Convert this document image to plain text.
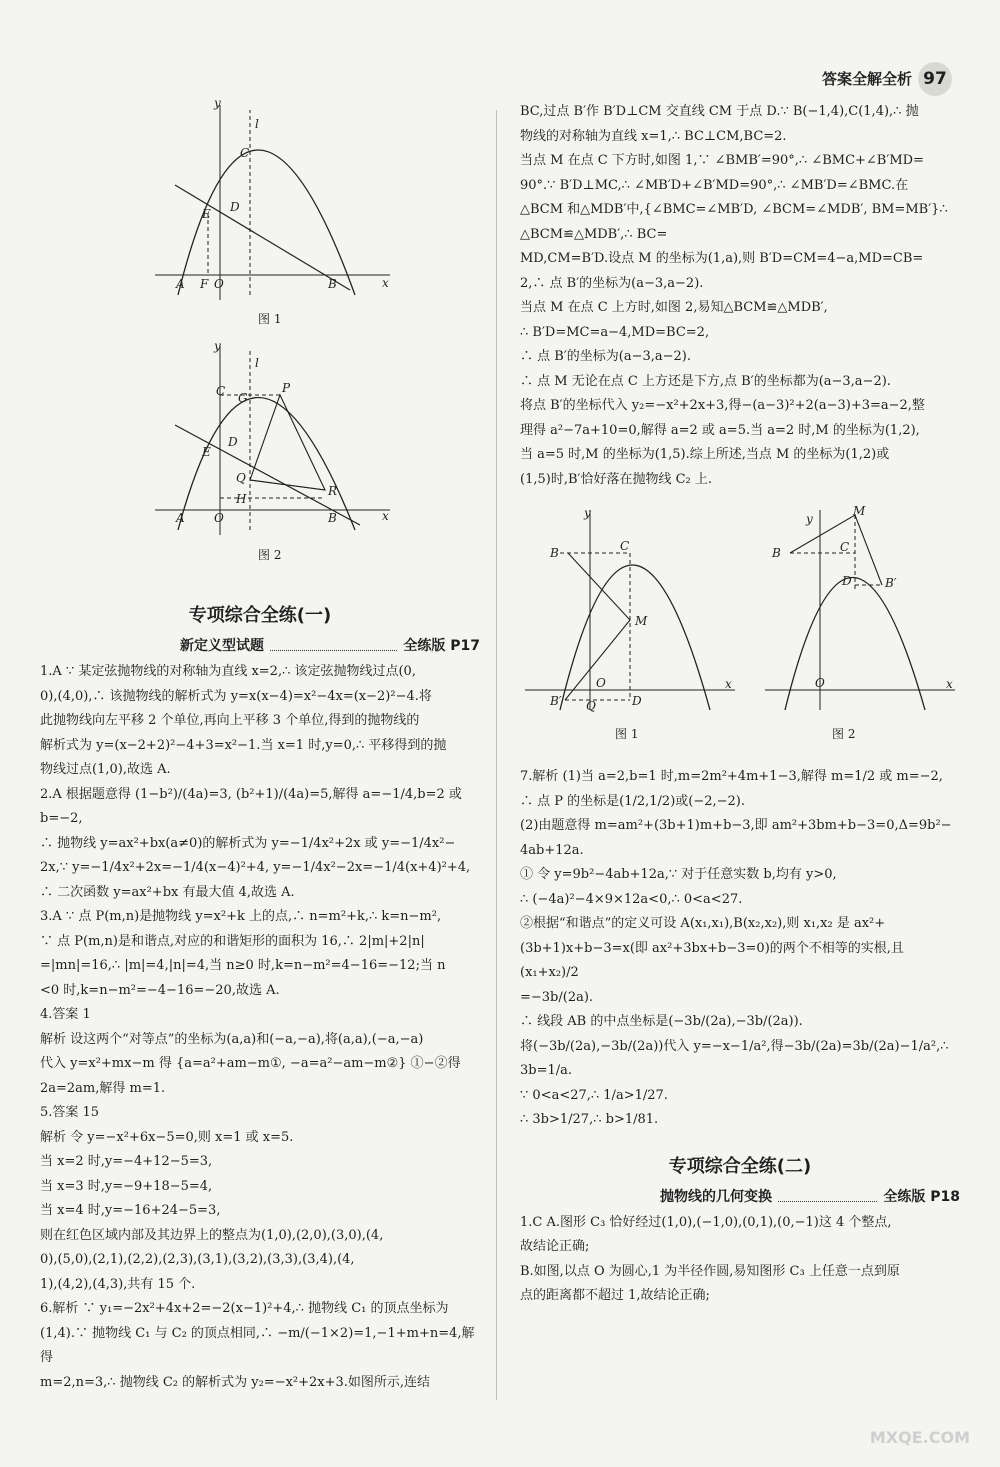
答案全解全析 97
y
l
C
D
E
A F O	B	x
图 1
y
l
C G
P
D
E
Q
H
R
A O	B	x
图 2
专项综合全练(一)
新定义型试题	全练版 P17

1.A ∵ 某定弦抛物线的对称轴为直线 x=2,∴ 该定弦抛物线过点(0,

0),(4,0),∴ 该抛物线的解析式为 y=x(x−4)=x²−4x=(x−2)²−4.将

此抛物线向左平移 2 个单位,再向上平移 3 个单位,得到的抛物线的

解析式为 y=(x−2+2)²−4+3=x²−1.当 x=1 时,y=0,∴ 平移得到的抛

物线过点(1,0),故选 A.

2.A 根据题意得 (1−b²)/(4a)=3, (b²+1)/(4a)=5,解得 a=−1/4,b=2 或 b=−2,

∴ 抛物线 y=ax²+bx(a≠0)的解析式为 y=−1/4x²+2x 或 y=−1/4x²−

2x,∵ y=−1/4x²+2x=−1/4(x−4)²+4, y=−1/4x²−2x=−1/4(x+4)²+4,

∴ 二次函数 y=ax²+bx 有最大值 4,故选 A.

3.A ∵ 点 P(m,n)是抛物线 y=x²+k 上的点,∴ n=m²+k,∴ k=n−m²,

∵ 点 P(m,n)是和谐点,对应的和谐矩形的面积为 16,∴ 2|m|+2|n|

=|mn|=16,∴ |m|=4,|n|=4,当 n≥0 时,k=n−m²=4−16=−12;当 n

<0 时,k=n−m²=−4−16=−20,故选 A.

4.答案 1

解析 设这两个“对等点”的坐标为(a,a)和(−a,−a),将(a,a),(−a,−a)

代入 y=x²+mx−m 得 {a=a²+am−m①, −a=a²−am−m②} ①−②得 2a=2am,解得 m=1.

5.答案 15

解析 令 y=−x²+6x−5=0,则 x=1 或 x=5.

当 x=2 时,y=−4+12−5=3,

当 x=3 时,y=−9+18−5=4,

当 x=4 时,y=−16+24−5=3,

则在红色区域内部及其边界上的整点为(1,0),(2,0),(3,0),(4,

0),(5,0),(2,1),(2,2),(2,3),(3,1),(3,2),(3,3),(3,4),(4,

1),(4,2),(4,3),共有 15 个.

6.解析 ∵ y₁=−2x²+4x+2=−2(x−1)²+4,∴ 抛物线 C₁ 的顶点坐标为

(1,4).∵ 抛物线 C₁ 与 C₂ 的顶点相同,∴ −m/(−1×2)=1,−1+m+n=4,解得

m=2,n=3,∴ 抛物线 C₂ 的解析式为 y₂=−x²+2x+3.如图所示,连结

BC,过点 B′作 B′D⊥CM 交直线 CM 于点 D.∵ B(−1,4),C(1,4),∴ 抛

物线的对称轴为直线 x=1,∴ BC⊥CM,BC=2.

当点 M 在点 C 下方时,如图 1,∵ ∠BMB′=90°,∴ ∠BMC+∠B′MD=

90°.∵ B′D⊥MC,∴ ∠MB′D+∠B′MD=90°,∴ ∠MB′D=∠BMC.在

△BCM 和△MDB′中,{∠BMC=∠MB′D, ∠BCM=∠MDB′, BM=MB′}∴ △BCM≌△MDB′,∴ BC=

MD,CM=B′D.设点 M 的坐标为(1,a),则 B′D=CM=4−a,MD=CB=

2,∴ 点 B′的坐标为(a−3,a−2).

当点 M 在点 C 上方时,如图 2,易知△BCM≌△MDB′,

∴ B′D=MC=a−4,MD=BC=2,

∴ 点 B′的坐标为(a−3,a−2).

∴ 点 M 无论在点 C 上方还是下方,点 B′的坐标都为(a−3,a−2).

将点 B′的坐标代入 y₂=−x²+2x+3,得−(a−3)²+2(a−3)+3=a−2,整

理得 a²−7a+10=0,解得 a=2 或 a=5.当 a=2 时,M 的坐标为(1,2),

当 a=5 时,M 的坐标为(1,5).综上所述,当点 M 的坐标为(1,2)或

(1,5)时,B′恰好落在抛物线 C₂ 上.

y
B	C
M
O
B′ Q	D
x
图 1
y
B	C
M
D	B′
O	x
图 2

7.解析 (1)当 a=2,b=1 时,m=2m²+4m+1−3,解得 m=1/2 或 m=−2,

∴ 点 P 的坐标是(1/2,1/2)或(−2,−2).

(2)由题意得 m=am²+(3b+1)m+b−3,即 am²+3bm+b−3=0,Δ=9b²−

4ab+12a.

① 令 y=9b²−4ab+12a,∵ 对于任意实数 b,均有 y>0,

∴ (−4a)²−4×9×12a<0,∴ 0<a<27.

②根据“和谐点”的定义可设 A(x₁,x₁),B(x₂,x₂),则 x₁,x₂ 是 ax²+

(3b+1)x+b−3=x(即 ax²+3bx+b−3=0)的两个不相等的实根,且 (x₁+x₂)/2

=−3b/(2a).

∴ 线段 AB 的中点坐标是(−3b/(2a),−3b/(2a)).

将(−3b/(2a),−3b/(2a))代入 y=−x−1/a²,得−3b/(2a)=3b/(2a)−1/a²,∴ 3b=1/a.

∵ 0<a<27,∴ 1/a>1/27.

∴ 3b>1/27,∴ b>1/81.

专项综合全练(二)
抛物线的几何变换	全练版 P18

1.C A.图形 C₃ 恰好经过(1,0),(−1,0),(0,1),(0,−1)这 4 个整点,

故结论正确;

B.如图,以点 O 为圆心,1 为半径作圆,易知图形 C₃ 上任意一点到原

点的距离都不超过 1,故结论正确;

MXQE.COM
